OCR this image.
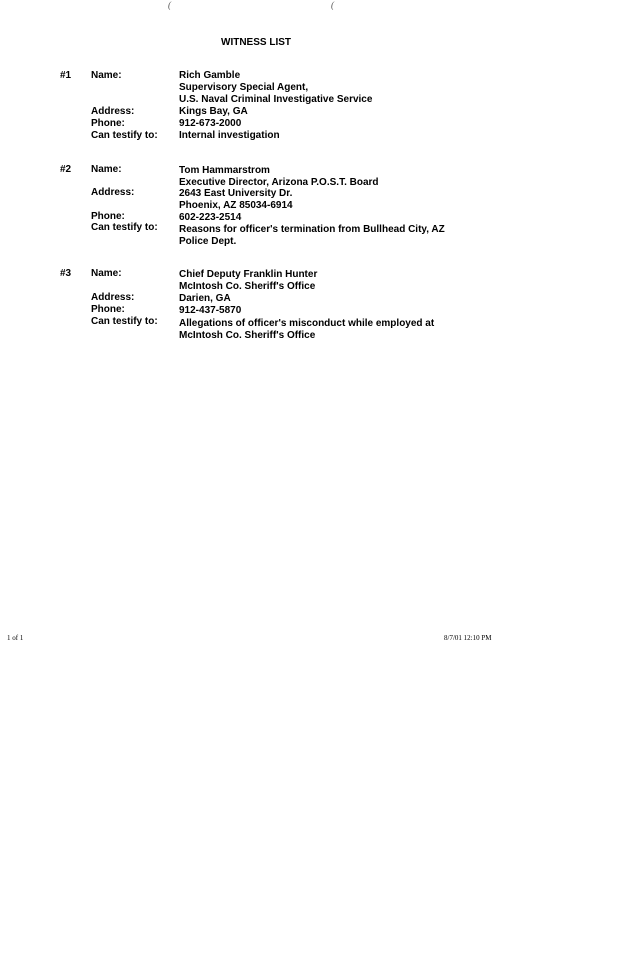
(	(
WITNESS LIST
#1 Name:	Rich Gamble
Supervisory Special Agent,
U.S. Naval Criminal Investigative Service
Address:	Kings Bay, GA
Phone:	912-673-2000
Can testify to: Internal investigation
#2 Name:	Tom Hammarstrom
Executive Director, Arizona P.O.S.T. Board
Address:	2643 East University Dr.
Phoenix, AZ 85034-6914
Phone:	602-223-2514
Can testify to: Reasons for officer's termination from Bullhead City, AZ
Police Dept.
#3 Name:	Chief Deputy Franklin Hunter
McIntosh Co. Sheriff's Office
Address:	Darien, GA
Phone:	912-437-5870
Can testify to: Allegations of officer's misconduct while employed at
McIntosh Co. Sheriff's Office
1 of 1	8/7/01 12:10 PM
